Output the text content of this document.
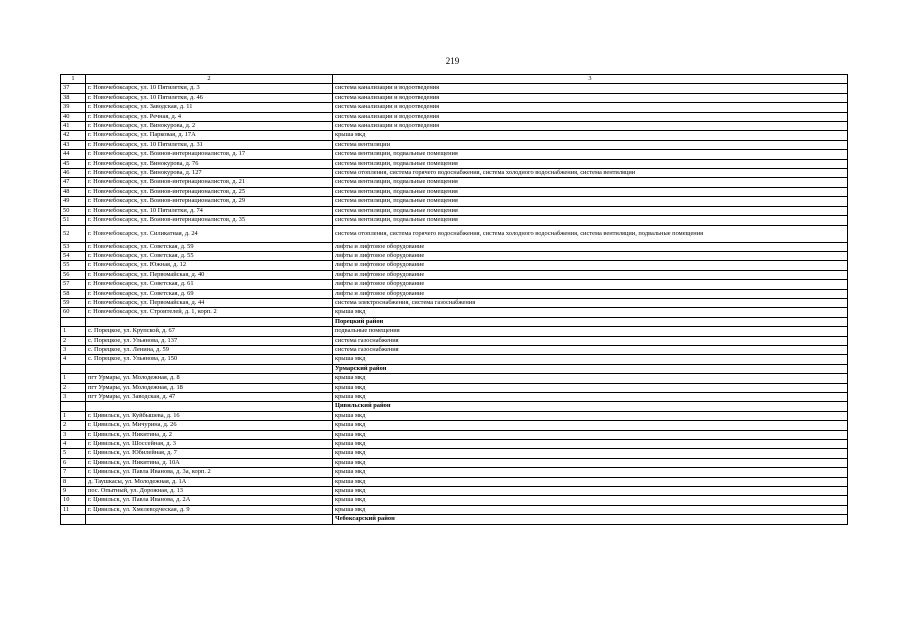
219
1	2	3
37	г. Новочебоксарск, ул. 10 Пятилетки, д. 3	система канализации и водоотведения
38	г. Новочебоксарск, ул. 10 Пятилетки, д. 46	система канализации и водоотведения
39	г. Новочебоксарск, ул. Заводская, д. 11	система канализации и водоотведения
40	г. Новочебоксарск, ул. Речная, д. 4	система канализации и водоотведения
41	г. Новочебоксарск, ул. Винокурова, д. 2	система канализации и водоотведения
42	г. Новочебоксарск, ул. Парковая, д. 17А	крыша мкд
43	г. Новочебоксарск, ул. 10 Пятилетки, д. 31	система вентиляции
44	г. Новочебоксарск, ул. Воинов-интернационалистов, д. 17	система вентиляции, подвальные помещения
45	г. Новочебоксарск, ул. Винокурова, д. 76	система вентиляции, подвальные помещения
46	г. Новочебоксарск, ул. Винокурова, д. 127	система отопления, система горячего водоснабжения, система холодного водоснабжения, система вентиляции
47	г. Новочебоксарск, ул. Воинов-интернационалистов, д. 21	система вентиляции, подвальные помещения
48	г. Новочебоксарск, ул. Воинов-интернационалистов, д. 25	система вентиляции, подвальные помещения
49	г. Новочебоксарск, ул. Воинов-интернационалистов, д. 29	система вентиляции, подвальные помещения
50	г. Новочебоксарск, ул. 10 Пятилетки, д. 74	система вентиляции, подвальные помещения
51	г. Новочебоксарск, ул. Воинов-интернационалистов, д. 35	система вентиляции, подвальные помещения
52	г. Новочебоксарск, ул. Силикатная, д. 24	система отопления, система горячего водоснабжения, система холодного водоснабжения, система вентиляции, подвальные помещения
53	г. Новочебоксарск, ул. Советская, д. 59	лифты и лифтовое оборудование
54	г. Новочебоксарск, ул. Советская, д. 55	лифты и лифтовое оборудование
55	г. Новочебоксарск, ул. Южная, д. 12	лифты и лифтовое оборудование
56	г. Новочебоксарск, ул. Первомайская, д. 40	лифты и лифтовое оборудование
57	г. Новочебоксарск, ул. Советская, д. 61	лифты и лифтовое оборудование
58	г. Новочебоксарск, ул. Советская, д. 69	лифты и лифтовое оборудование
59	г. Новочебоксарск, ул. Первомайская, д. 44	система электроснабжения, система газоснабжения
60	г. Новочебоксарск, ул. Строителей, д. 1, корп. 2	крыша мкд
		Порецкий район
1	с. Порецкое, ул. Крупской, д. 67	подвальные помещения
2	с. Порецкое, ул. Ульянова, д. 137	система газоснабжения
3	с. Порецкое, ул. Ленина, д. 59	система газоснабжения
4	с. Порецкое, ул. Ульянова, д. 150	крыша мкд
		Урмарский район
1	пгт Урмары, ул. Молодежная, д. 8	крыша мкд
2	пгт Урмары, ул. Молодежная, д. 18	крыша мкд
3	пгт Урмары, ул. Заводская, д. 47	крыша мкд
		Цивильский район
1	г. Цивильск, ул. Куйбышева, д. 16	крыша мкд
2	г. Цивильск, ул. Мичурина, д. 26	крыша мкд
3	г. Цивильск, ул. Никитина, д. 2	крыша мкд
4	г. Цивильск, ул. Шоссейная, д. 3	крыша мкд
5	г. Цивильск, ул. Юбилейная, д. 7	крыша мкд
6	г. Цивильск, ул. Никитина, д. 10А	крыша мкд
7	г. Цивильск, ул. Павла Иванова, д. 3а, корп. 2	крыша мкд
8	д. Таушкасы, ул. Молодежная, д. 1А	крыша мкд
9	пос. Опытный, ул. Дорожная, д. 13	крыша мкд
10	г. Цивильск, ул. Павла Иванова, д. 2А	крыша мкд
11	г. Цивильск, ул. Хмелеводческая, д. 9	крыша мкд
		Чебоксарский район
